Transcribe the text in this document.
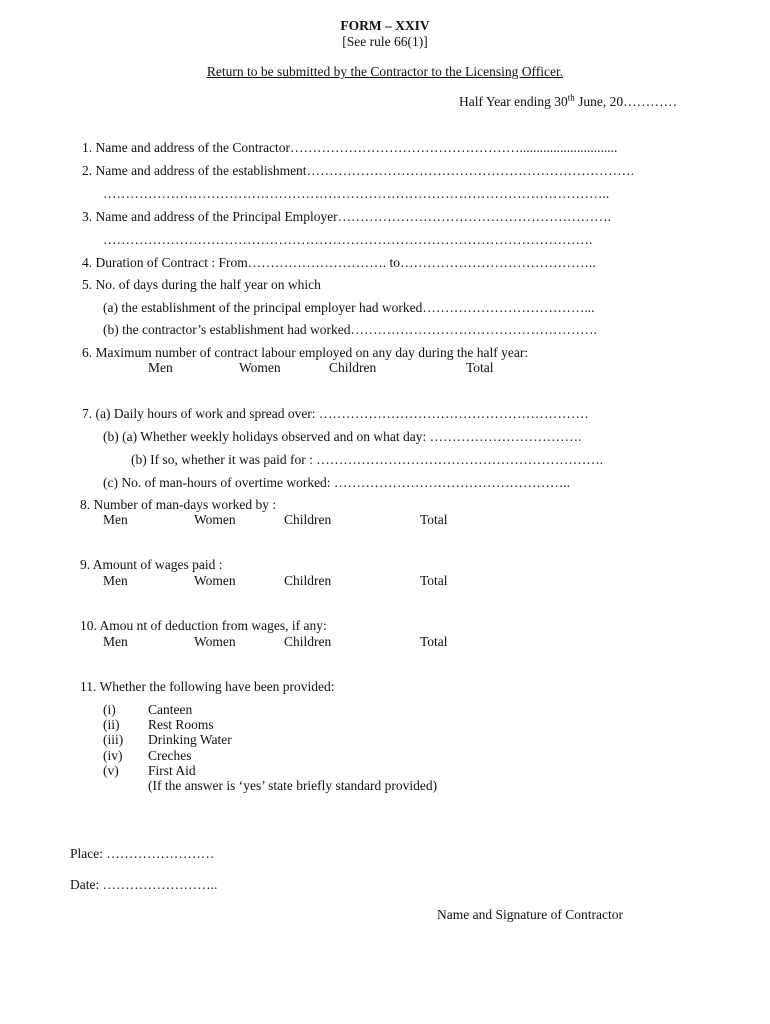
FORM – XXIV
[See rule 66(1)]
Return to be submitted by the Contractor to the Licensing Officer.
Half Year ending 30th June, 20…………
1. Name and address of the Contractor…………………………………………….............................
2. Name and address of the establishment……………………………………………………………….
…………………………………………………………………………………………………..
3. Name and address of the Principal Employer…………………………………………………….
……………………………………………………………………………………………….
4. Duration of Contract : From…………………………. to……………………………………..
5. No. of days during the half year on which
(a) the establishment of the principal employer had worked………………………………...
(b) the contractor’s establishment had worked……………………………………………….
6. Maximum number of contract labour employed on any day during the half year:
Men	Women	Children	Total
7. (a) Daily hours of work and spread over: ……………………………………………………
(b) (a) Whether weekly holidays observed and on what day: …………………………….
(b) If so, whether it was paid for : ……………………………………………………….
(c) No. of man-hours of overtime worked: ……………………………………………..
8. Number of man-days worked by :
Men	Women	Children	Total
9. Amount of wages paid :
Men	Women	Children	Total
10. Amou nt of deduction from wages, if any:
Men	Women	Children	Total
11. Whether the following have been provided:
(i) Canteen
(ii) Rest Rooms
(iii) Drinking Water
(iv) Creches
(v) First Aid
(If the answer is ‘yes’ state briefly standard provided)
Place: ……………………
Date: ……………………..
Name and Signature of Contractor
